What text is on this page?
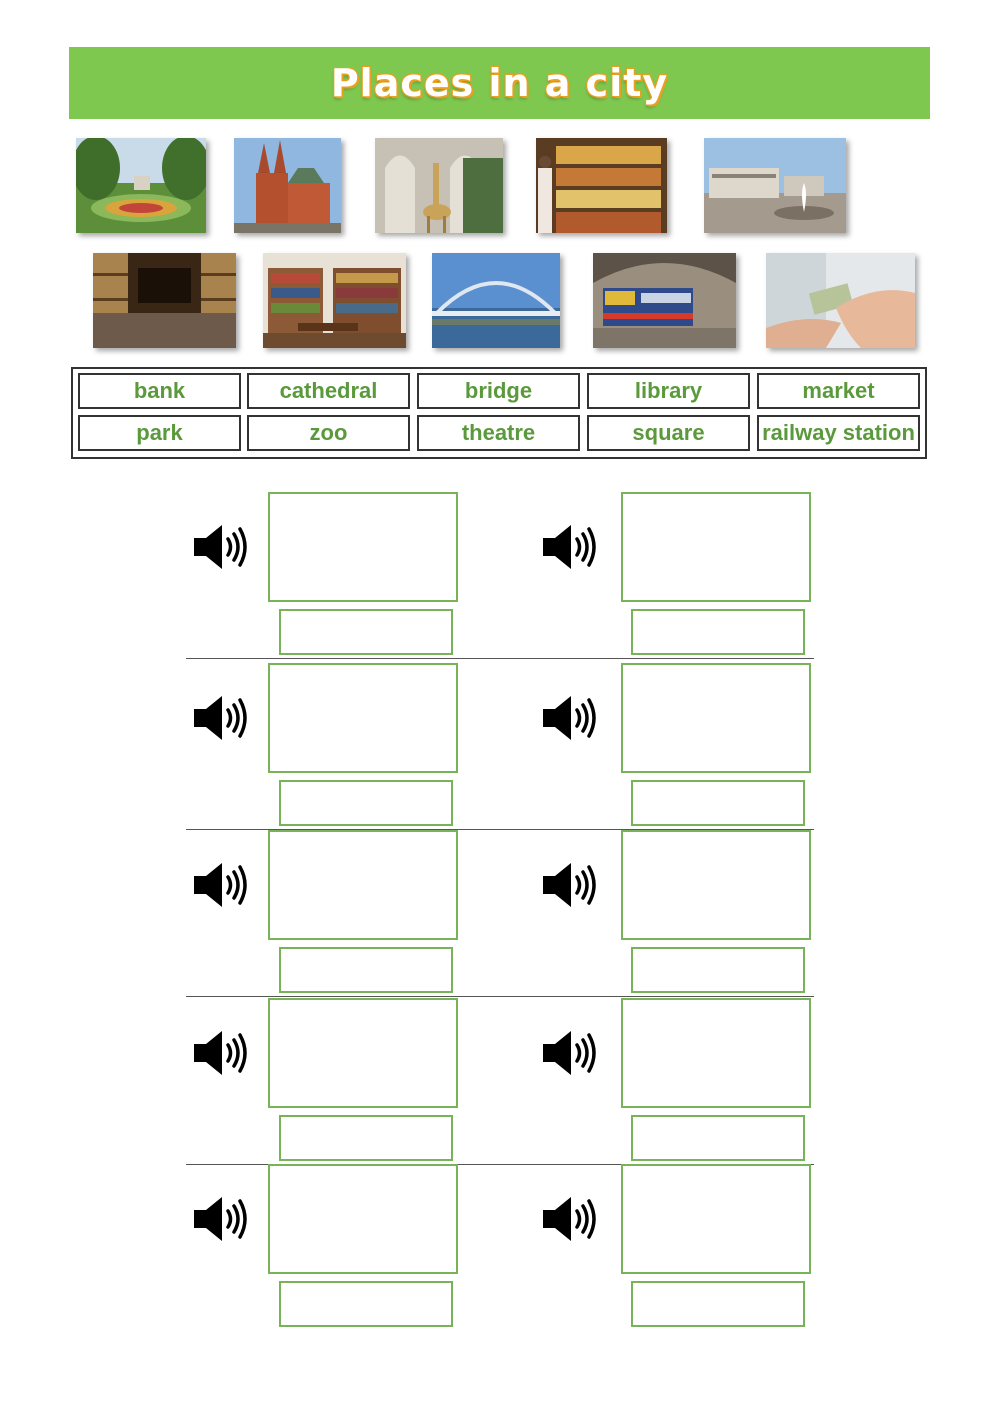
Places in a city
bank	cathedral	bridge	library	market
park	zoo	theatre	square	railway station
